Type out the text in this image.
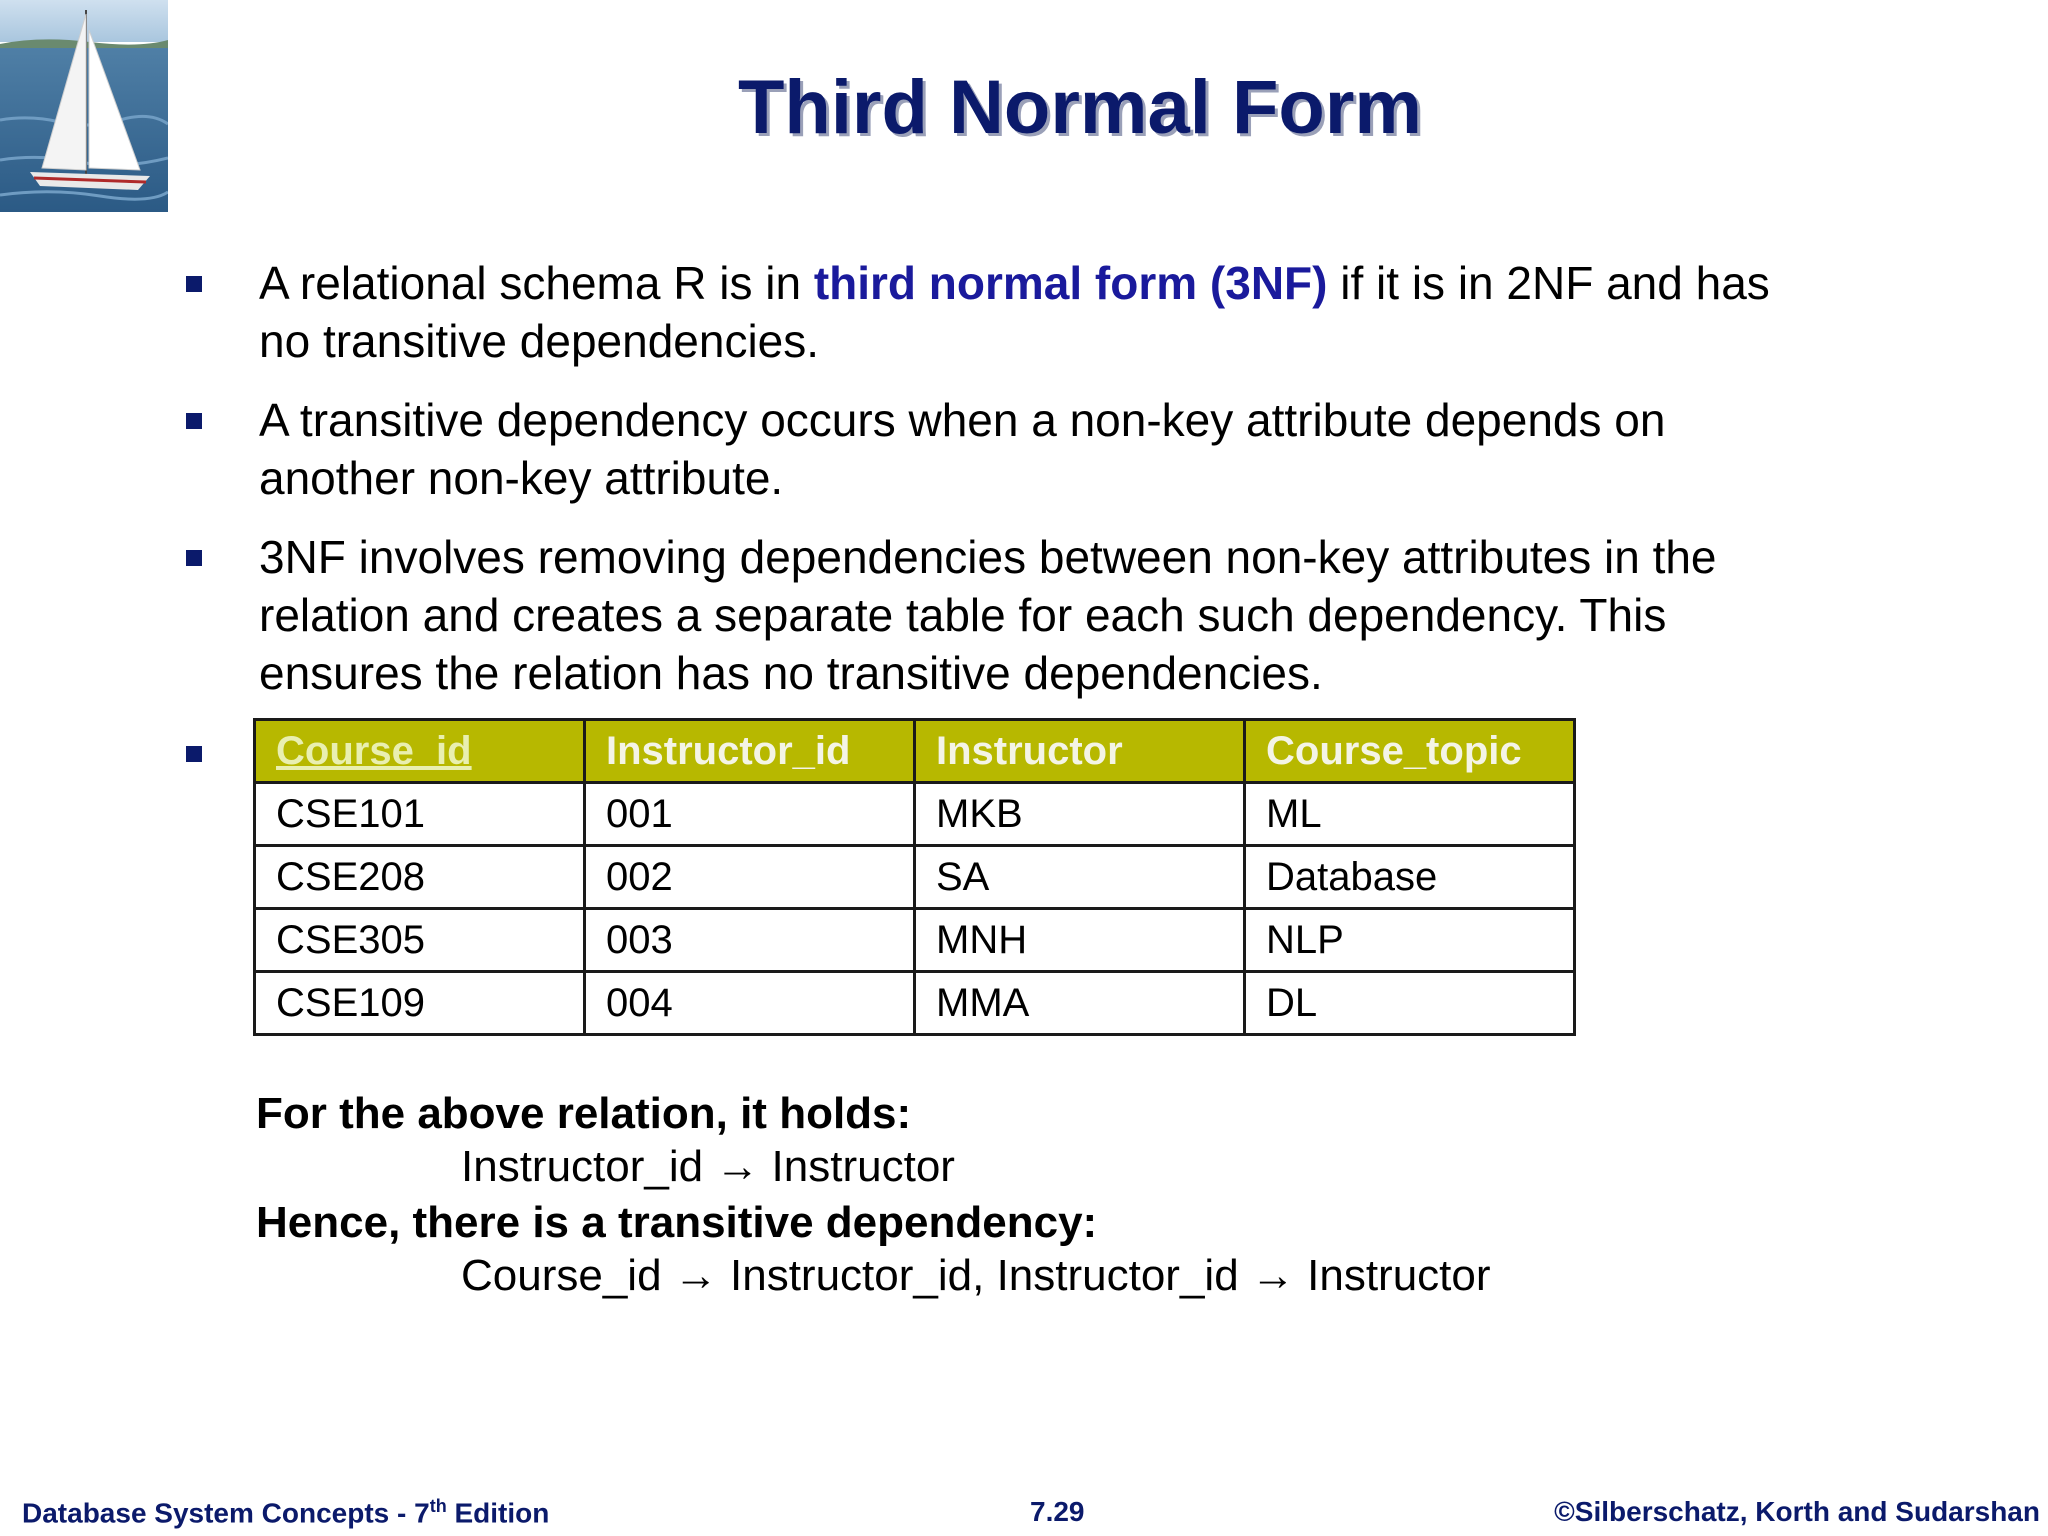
Third Normal Form
A relational schema R is in third normal form (3NF) if it is in 2NF and has
no transitive dependencies.
A transitive dependency occurs when a non-key attribute depends on
another non-key attribute.
3NF involves removing dependencies between non-key attributes in the
relation and creates a separate table for each such dependency. This
ensures the relation has no transitive dependencies.
Course_id	Instructor_id	Instructor	Course_topic
CSE101	001	MKB	ML
CSE208	002	SA	Database
CSE305	003	MNH	NLP
CSE109	004	MMA	DL
For the above relation, it holds:
Instructor_id → Instructor
Hence, there is a transitive dependency:
Course_id → Instructor_id, Instructor_id → Instructor
Database System Concepts - 7th Edition	7.29	©Silberschatz, Korth and Sudarshan
